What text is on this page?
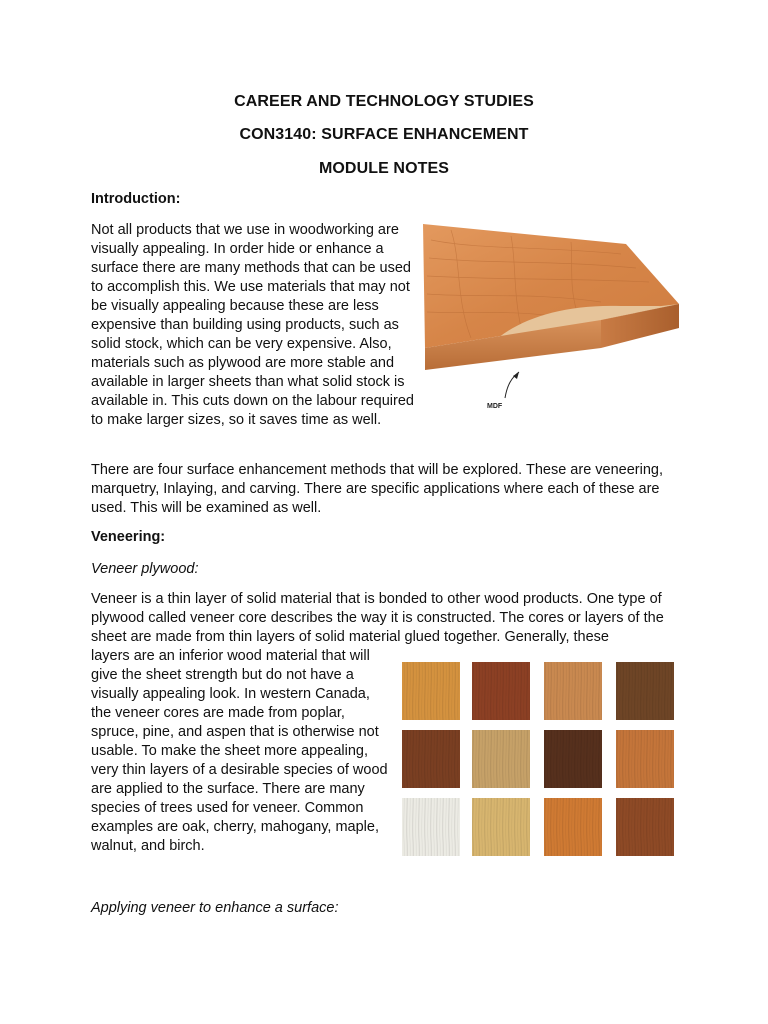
CAREER AND TECHNOLOGY STUDIES
CON3140: SURFACE ENHANCEMENT
MODULE NOTES
Introduction:

Not all products that we use in woodworking are visually appealing. In order hide or enhance a surface there are many methods that can be used to accomplish this. We use materials that may not be visually appealing because these are less expensive than building using products, such as solid stock, which can be very expensive. Also, materials such as plywood are more stable and available in larger sheets than what solid stock is available in. This cuts down on the labour required to make larger sizes, so it saves time as well.

MDF

There are four surface enhancement methods that will be explored. These are veneering, marquetry, Inlaying, and carving. There are specific applications where each of these are used. This will be examined as well.

Veneering:
Veneer plywood:

Veneer is a thin layer of solid material that is bonded to other wood products. One type of plywood called veneer core describes the way it is constructed. The cores or layers of the sheet are made from thin layers of solid material glued together. Generally, these

layers are an inferior wood material that will give the sheet strength but do not have a visually appealing look. In western Canada, the veneer cores are made from poplar, spruce, pine, and aspen that is otherwise not usable. To make the sheet more appealing, very thin layers of a desirable species of wood are applied to the surface. There are many species of trees used for veneer. Common examples are oak, cherry, mahogany, maple, walnut, and birch.

Applying veneer to enhance a surface:
